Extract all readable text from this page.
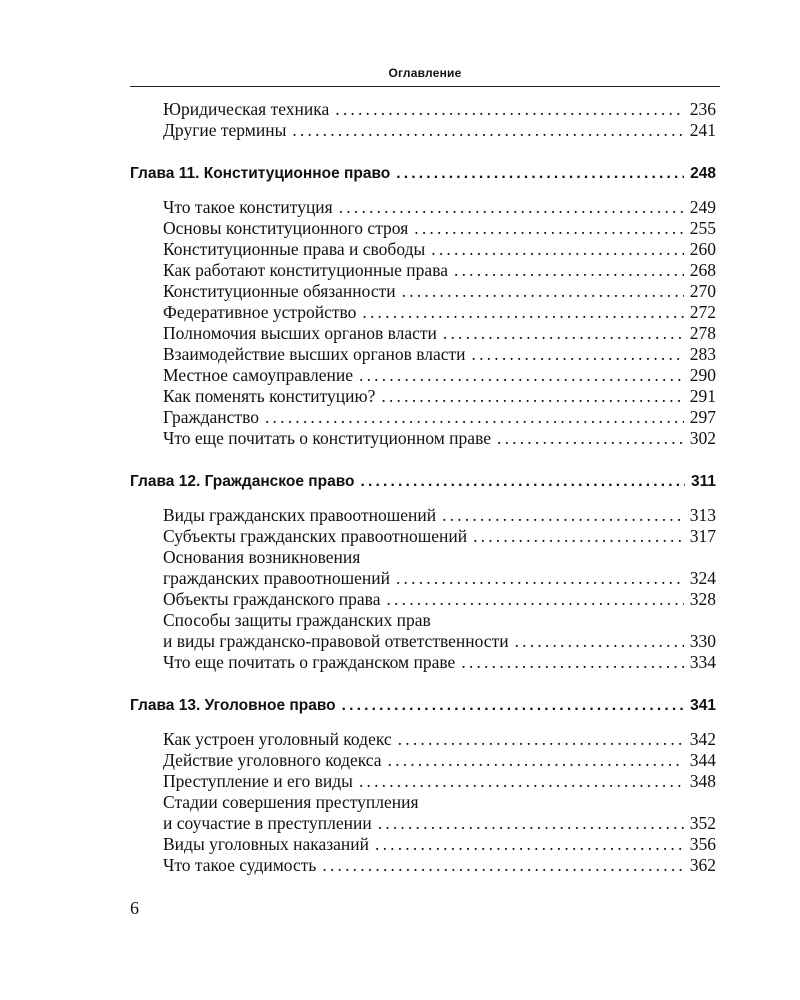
Оглавление
Юридическая техника .....	236
Другие термины .....	241
Глава 11. Конституционное право .....	248
Что такое конституция .....	249
Основы конституционного строя .....	255
Конституционные права и свободы .....	260
Как работают конституционные права .....	268
Конституционные обязанности .....	270
Федеративное устройство .....	272
Полномочия высших органов власти .....	278
Взаимодействие высших органов власти .....	283
Местное самоуправление .....	290
Как поменять конституцию? .....	291
Гражданство .....	297
Что еще почитать о конституционном праве .....	302
Глава 12. Гражданское право .....	311
Виды гражданских правоотношений .....	313
Субъекты гражданских правоотношений .....	317
Основания возникновения
гражданских правоотношений .....	324
Объекты гражданского права .....	328
Способы защиты гражданских прав
и виды гражданско-правовой ответственности .....	330
Что еще почитать о гражданском праве .....	334
Глава 13. Уголовное право .....	341
Как устроен уголовный кодекс .....	342
Действие уголовного кодекса .....	344
Преступление и его виды .....	348
Стадии совершения преступления
и соучастие в преступлении .....	352
Виды уголовных наказаний .....	356
Что такое судимость .....	362
6
